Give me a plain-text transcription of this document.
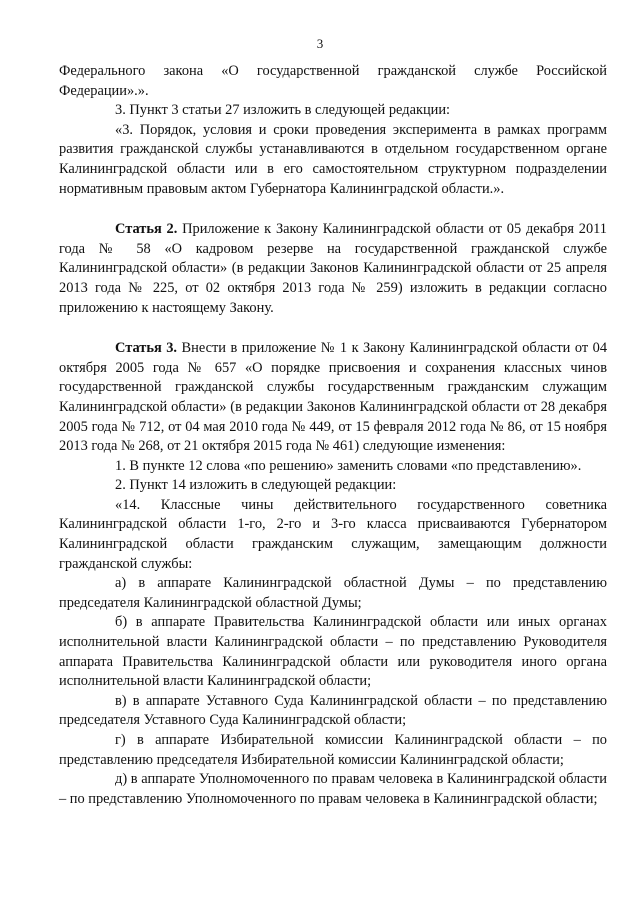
3

Федерального закона «О государственной гражданской службе Российской Федерации».».

3. Пункт 3 статьи 27 изложить в следующей редакции:

«3. Порядок, условия и сроки проведения эксперимента в рамках программ развития гражданской службы устанавливаются в отдельном государственном органе Калининградской области или в его самостоятельном структурном подразделении нормативным правовым актом Губернатора Калининградской области.».

Статья 2. Приложение к Закону Калининградской области от 05 декабря 2011 года № 58 «О кадровом резерве на государственной гражданской службе Калининградской области» (в редакции Законов Калининградской области от 25 апреля 2013 года № 225, от 02 октября 2013 года № 259) изложить в редакции согласно приложению к настоящему Закону.

Статья 3. Внести в приложение № 1 к Закону Калининградской области от 04 октября 2005 года № 657 «О порядке присвоения и сохранения классных чинов государственной гражданской службы государственным гражданским служащим Калининградской области» (в редакции Законов Калининградской области от 28 декабря 2005 года № 712, от 04 мая 2010 года № 449, от 15 февраля 2012 года № 86, от 15 ноября 2013 года № 268, от 21 октября 2015 года № 461) следующие изменения:

1. В пункте 12 слова «по решению» заменить словами «по представлению».

2. Пункт 14 изложить в следующей редакции:

«14. Классные чины действительного государственного советника Калининградской области 1-го, 2-го и 3-го класса присваиваются Губернатором Калининградской области гражданским служащим, замещающим должности гражданской службы:

а) в аппарате Калининградской областной Думы – по представлению председателя Калининградской областной Думы;

б) в аппарате Правительства Калининградской области или иных органах исполнительной власти Калининградской области – по представлению Руководителя аппарата Правительства Калининградской области или руководителя иного органа исполнительной власти Калининградской области;

в) в аппарате Уставного Суда Калининградской области – по представлению председателя Уставного Суда Калининградской области;

г) в аппарате Избирательной комиссии Калининградской области – по представлению председателя Избирательной комиссии Калининградской области;

д) в аппарате Уполномоченного по правам человека в Калининградской области – по представлению Уполномоченного по правам человека в Калининградской области;
